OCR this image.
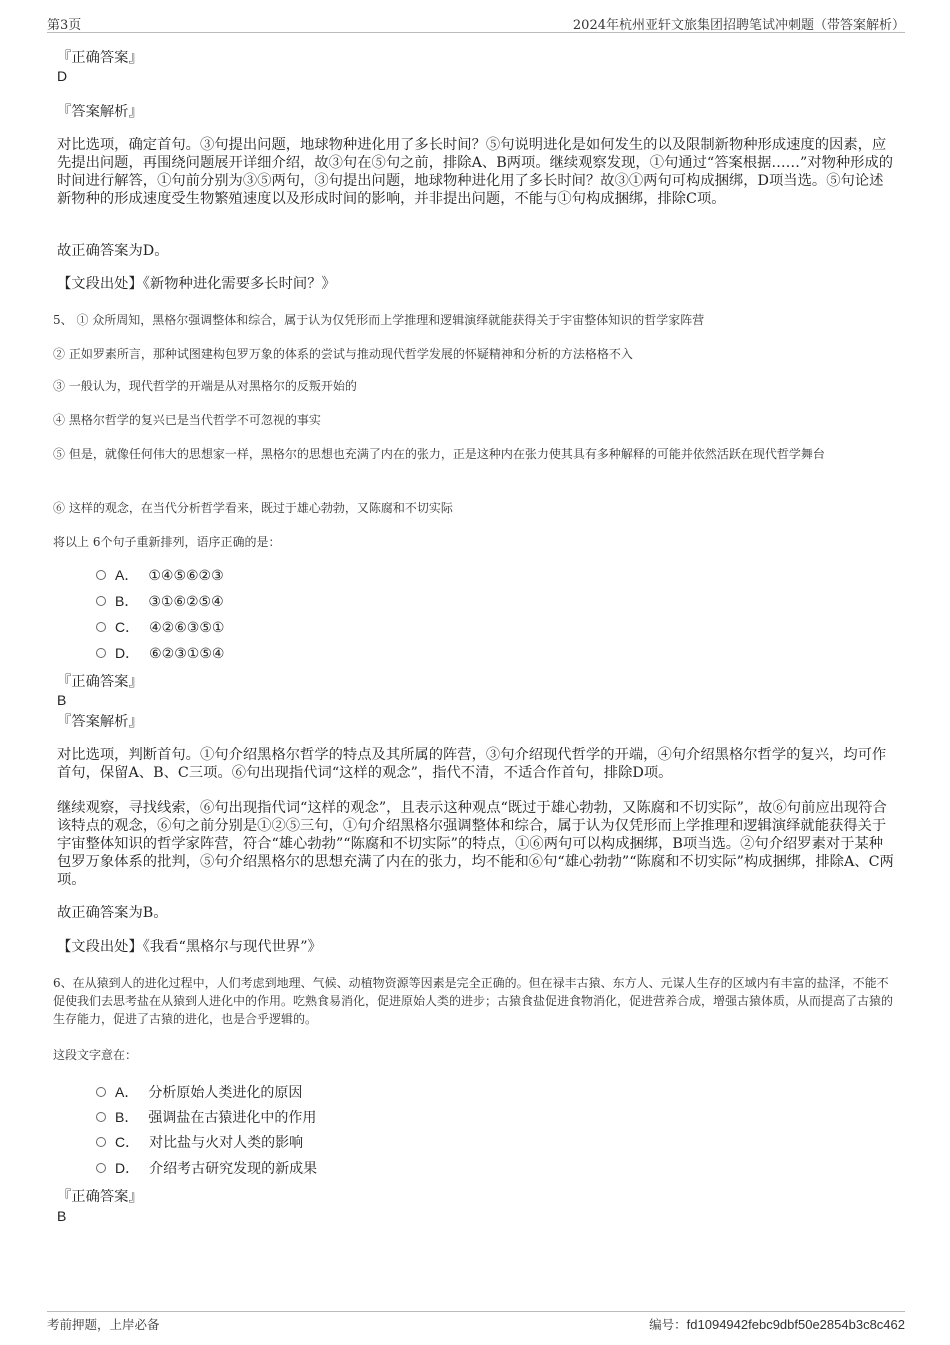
第3页	2024年杭州亚轩文旅集团招聘笔试冲刺题（带答案解析）
『正确答案』
D
『答案解析』
对比选项，确定首句。③句提出问题，地球物种进化用了多长时间？⑤句说明进化是如何发生的以及限制新物种形成速度的因素，应先提出问题，再围绕问题展开详细介绍，故③句在⑤句之前，排除A、B两项。继续观察发现，①句通过“答案根据……”对物种形成的时间进行解答，①句前分别为③⑤两句，③句提出问题，地球物种进化用了多长时间？故③①两句可构成捆绑，D项当选。⑤句论述新物种的形成速度受生物繁殖速度以及形成时间的影响，并非提出问题，不能与①句构成捆绑，排除C项。
故正确答案为D。
【文段出处】《新物种进化需要多长时间？》
5、 ① 众所周知，黑格尔强调整体和综合，属于认为仅凭形而上学推理和逻辑演绎就能获得关于宇宙整体知识的哲学家阵营
② 正如罗素所言，那种试图建构包罗万象的体系的尝试与推动现代哲学发展的怀疑精神和分析的方法格格不入
③ 一般认为，现代哲学的开端是从对黑格尔的反叛开始的
④ 黑格尔哲学的复兴已是当代哲学不可忽视的事实
⑤ 但是，就像任何伟大的思想家一样，黑格尔的思想也充满了内在的张力，正是这种内在张力使其具有多种解释的可能并依然活跃在现代哲学舞台
⑥ 这样的观念，在当代分析哲学看来，既过于雄心勃勃，又陈腐和不切实际
将以上 6个句子重新排列，语序正确的是：
A． ①④⑤⑥②③
B． ③①⑥②⑤④
C． ④②⑥③⑤①
D． ⑥②③①⑤④
『正确答案』
B
『答案解析』
对比选项，判断首句。①句介绍黑格尔哲学的特点及其所属的阵营，③句介绍现代哲学的开端，④句介绍黑格尔哲学的复兴，均可作首句，保留A、B、C三项。⑥句出现指代词“这样的观念”，指代不清，不适合作首句，排除D项。
继续观察，寻找线索，⑥句出现指代词“这样的观念”，且表示这种观点“既过于雄心勃勃，又陈腐和不切实际”，故⑥句前应出现符合该特点的观念，⑥句之前分别是①②⑤三句，①句介绍黑格尔强调整体和综合，属于认为仅凭形而上学推理和逻辑演绎就能获得关于宇宙整体知识的哲学家阵营，符合“雄心勃勃”“陈腐和不切实际”的特点，①⑥两句可以构成捆绑，B项当选。②句介绍罗素对于某种包罗万象体系的批判，⑤句介绍黑格尔的思想充满了内在的张力，均不能和⑥句“雄心勃勃”“陈腐和不切实际”构成捆绑，排除A、C两项。
故正确答案为B。
【文段出处】《我看“黑格尔与现代世界”》
6、在从猿到人的进化过程中，人们考虑到地理、气候、动植物资源等因素是完全正确的。但在禄丰古猿、东方人、元谋人生存的区域内有丰富的盐泽，不能不促使我们去思考盐在从猿到人进化中的作用。吃熟食易消化，促进原始人类的进步；古猿食盐促进食物消化，促进营养合成，增强古猿体质，从而提高了古猿的生存能力，促进了古猿的进化，也是合乎逻辑的。
这段文字意在：
A． 分析原始人类进化的原因
B． 强调盐在古猿进化中的作用
C． 对比盐与火对人类的影响
D． 介绍考古研究发现的新成果
『正确答案』
B
考前押题，上岸必备	编号：fd1094942febc9dbf50e2854b3c8c462
